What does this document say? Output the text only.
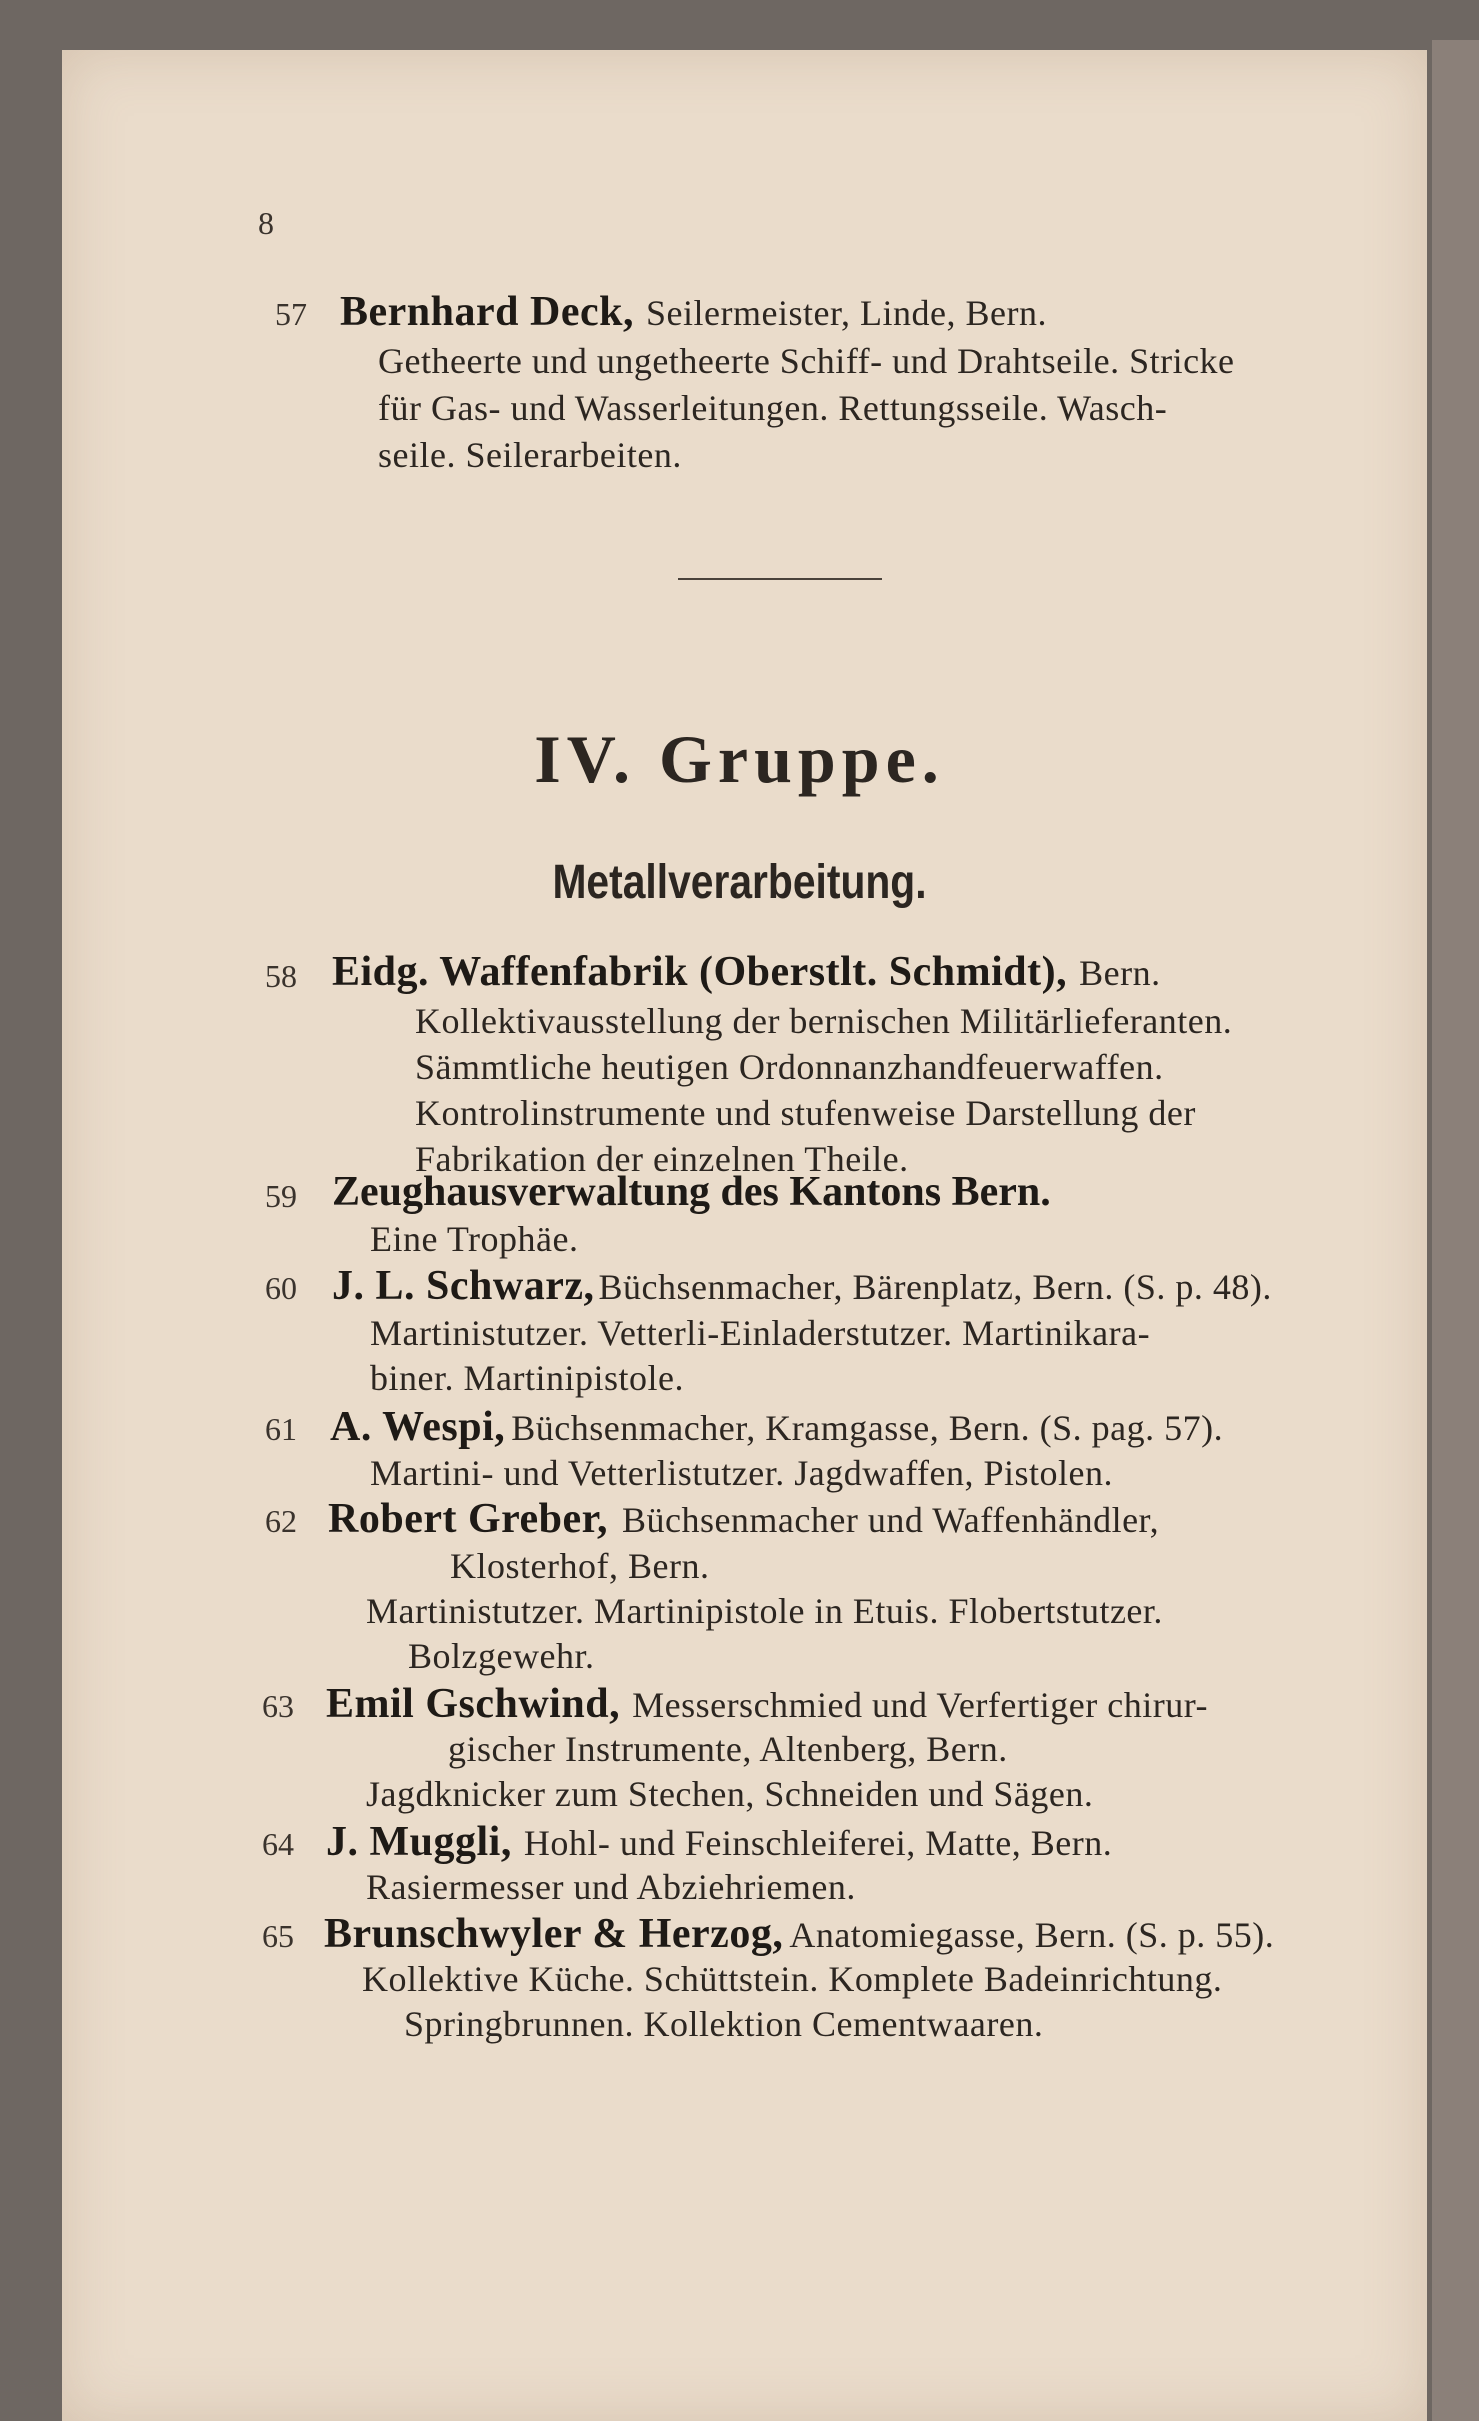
8
57 Bernhard Deck, Seilermeister, Linde, Bern.
Getheerte und ungetheerte Schiff- und Drahtseile. Stricke
für Gas- und Wasserleitungen. Rettungsseile. Wasch-
seile. Seilerarbeiten.
IV. Gruppe.
Metallverarbeitung.
58 Eidg. Waffenfabrik (Oberstlt. Schmidt), Bern.
Kollektivausstellung der bernischen Militärlieferanten.
Sämmtliche heutigen Ordonnanzhandfeuerwaffen.
Kontrolinstrumente und stufenweise Darstellung der
Fabrikation der einzelnen Theile.
59 Zeughausverwaltung des Kantons Bern.
Eine Trophäe.
60 J. L. Schwarz, Büchsenmacher, Bärenplatz, Bern. (S. p. 48).
Martinistutzer. Vetterli-Einladerstutzer. Martinikara-
biner. Martinipistole.
61 A. Wespi, Büchsenmacher, Kramgasse, Bern. (S. pag. 57).
Martini- und Vetterlistutzer. Jagdwaffen, Pistolen.
62 Robert Greber, Büchsenmacher und Waffenhändler,
Klosterhof, Bern.
Martinistutzer. Martinipistole in Etuis. Flobertstutzer.
Bolzgewehr.
63 Emil Gschwind, Messerschmied und Verfertiger chirur-
gischer Instrumente, Altenberg, Bern.
Jagdknicker zum Stechen, Schneiden und Sägen.
64 J. Muggli, Hohl- und Feinschleiferei, Matte, Bern.
Rasiermesser und Abziehriemen.
65 Brunschwyler & Herzog, Anatomiegasse, Bern. (S. p. 55).
Kollektive Küche. Schüttstein. Komplete Badeinrichtung.
Springbrunnen. Kollektion Cementwaaren.
